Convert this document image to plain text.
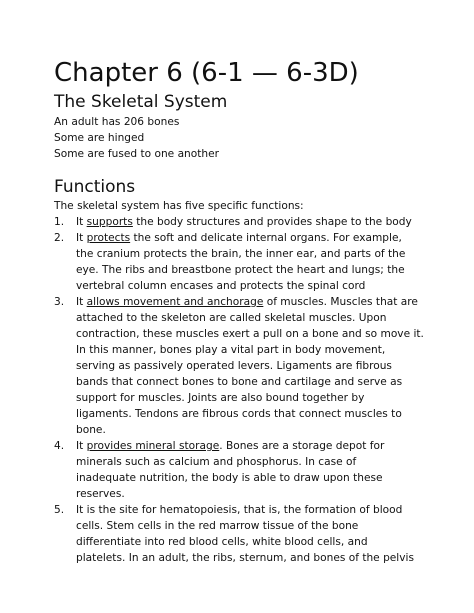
Chapter 6 (6-1 — 6-3D)
The Skeletal System

An adult has 206 bones

Some are hinged

Some are fused to one another

Functions

The skeletal system has five specific functions:

1. It supports the body structures and provides shape to the body
2. It protects the soft and delicate internal organs. For example,
the cranium protects the brain, the inner ear, and parts of the
eye. The ribs and breastbone protect the heart and lungs; the
vertebral column encases and protects the spinal cord
3. It allows movement and anchorage of muscles. Muscles that are
attached to the skeleton are called skeletal muscles. Upon
contraction, these muscles exert a pull on a bone and so move it.
In this manner, bones play a vital part in body movement,
serving as passively operated levers. Ligaments are fibrous
bands that connect bones to bone and cartilage and serve as
support for muscles. Joints are also bound together by
ligaments. Tendons are fibrous cords that connect muscles to
bone.
4. It provides mineral storage. Bones are a storage depot for
minerals such as calcium and phosphorus. In case of
inadequate nutrition, the body is able to draw upon these
reserves.
5. It is the site for hematopoiesis, that is, the formation of blood
cells. Stem cells in the red marrow tissue of the bone
differentiate into red blood cells, white blood cells, and
platelets. In an adult, the ribs, sternum, and bones of the pelvis
